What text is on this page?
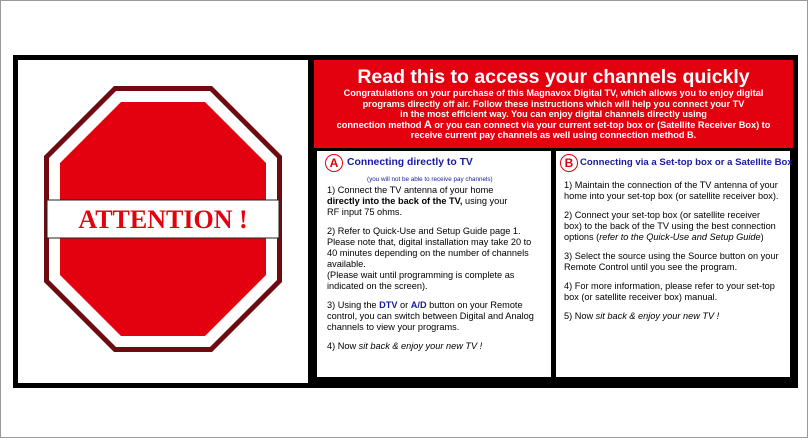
ATTENTION !
Read this to access your channels quickly
Congratulations on your purchase of this Magnavox Digital TV, which allows you to enjoy digital
programs directly off air. Follow these instructions which will help you connect your TV
in the most efficient way. You can enjoy digital channels directly using
connection method A or you can connect via your current set-top box or (Satellite Receiver Box) to
receive current pay channels as well using connection method B.
A Connecting directly to TV
(you will not be able to receive pay channels)
1) Connect the TV antenna of your home
directly into the back of the TV, using your
RF input 75 ohms.
2) Refer to Quick-Use and Setup Guide page 1. Please note that, digital installation may take 20 to 40 minutes depending on the number of channels available.
(Please wait until programming is complete as indicated on the screen).
3) Using the DTV or A/D button on your Remote control, you can switch between Digital and Analog channels to view your programs.
4) Now sit back & enjoy your new TV !
B Connecting via a Set-top box or a Satellite Box
1) Maintain the connection of the TV antenna of your home into your set-top box (or satellite receiver box).
2) Connect your set-top box (or satellite receiver box) to the back of the TV using the best connection options (refer to the Quick-Use and Setup Guide)
3) Select the source using the Source button on your Remote Control until you see the program.
4) For more information, please refer to your set-top box (or satellite receiver box) manual.
5) Now sit back & enjoy your new TV !
